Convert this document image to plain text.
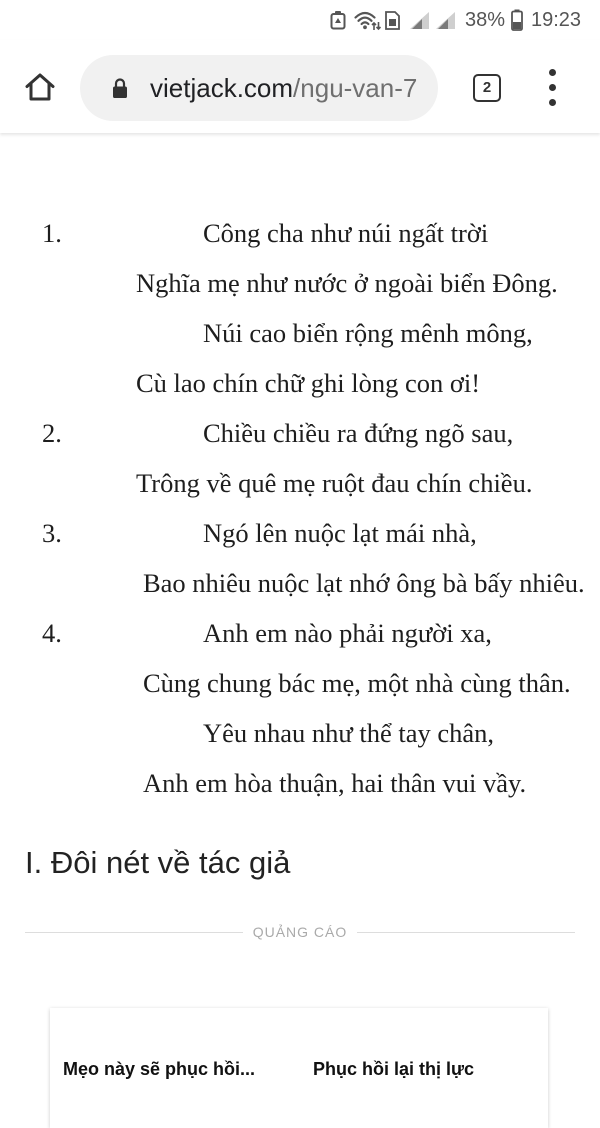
38% 19:23
vietjack.com/ngu-van-7	2
1.	Công cha như núi ngất trời
Nghĩa mẹ như nước ở ngoài biển Đông.
Núi cao biển rộng mênh mông,
Cù lao chín chữ ghi lòng con ơi!
2.	Chiều chiều ra đứng ngõ sau,
Trông về quê mẹ ruột đau chín chiều.
3.	Ngó lên nuộc lạt mái nhà,
Bao nhiêu nuộc lạt nhớ ông bà bấy nhiêu.
4.	Anh em nào phải người xa,
Cùng chung bác mẹ, một nhà cùng thân.
Yêu nhau như thể tay chân,
Anh em hòa thuận, hai thân vui vầy.
I. Đôi nét về tác giả
QUẢNG CÁO
Mẹo này sẽ phục hồi...	Phục hồi lại thị lực
